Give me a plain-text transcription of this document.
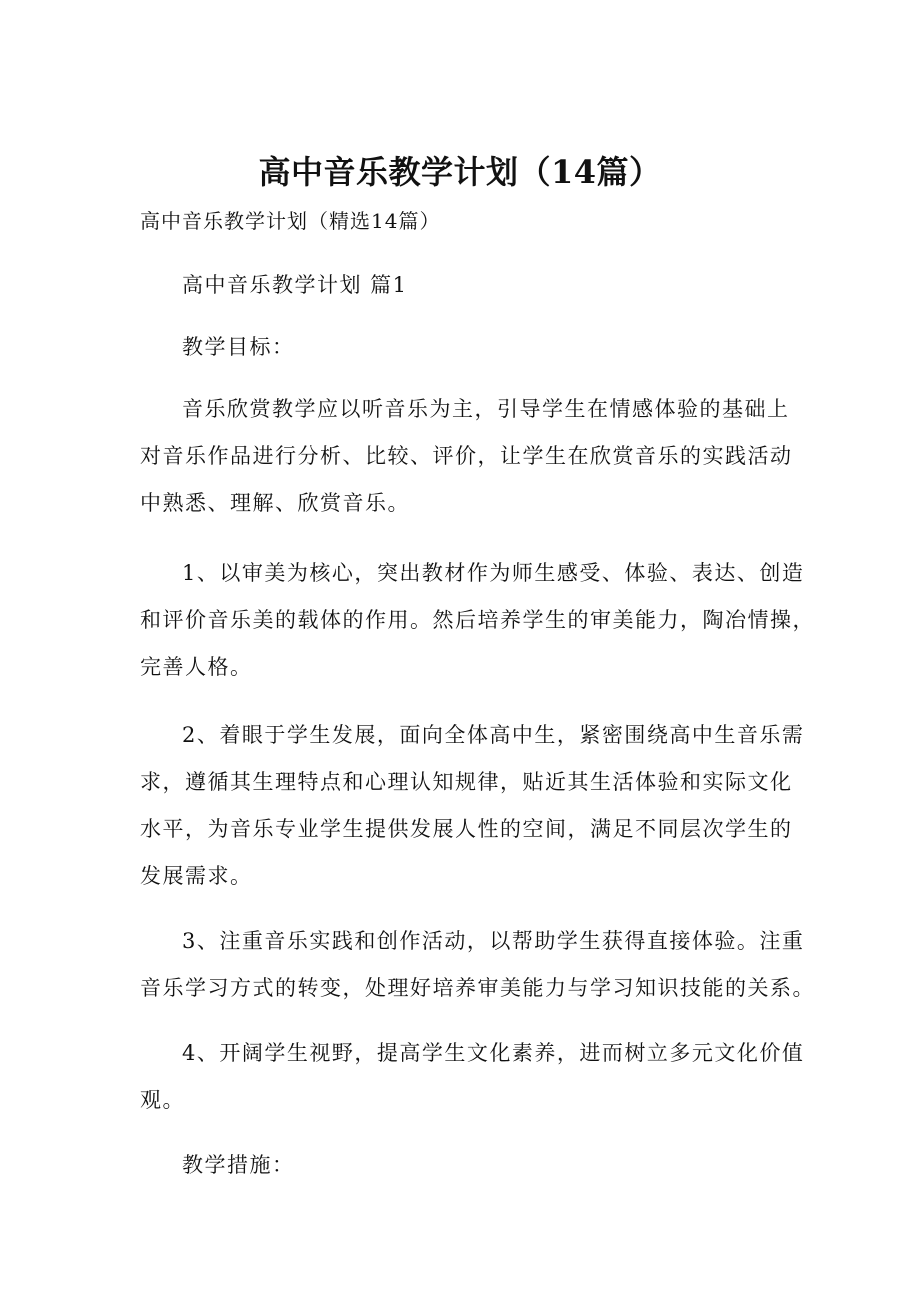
高中音乐教学计划（14篇）
高中音乐教学计划（精选14篇）
高中音乐教学计划 篇1
教学目标：
音乐欣赏教学应以听音乐为主，引导学生在情感体验的基础上
对音乐作品进行分析、比较、评价，让学生在欣赏音乐的实践活动
中熟悉、理解、欣赏音乐。
1、以审美为核心，突出教材作为师生感受、体验、表达、创造
和评价音乐美的载体的作用。然后培养学生的审美能力，陶冶情操，
完善人格。
2、着眼于学生发展，面向全体高中生，紧密围绕高中生音乐需
求，遵循其生理特点和心理认知规律，贴近其生活体验和实际文化
水平，为音乐专业学生提供发展人性的空间，满足不同层次学生的
发展需求。
3、注重音乐实践和创作活动，以帮助学生获得直接体验。注重
音乐学习方式的转变，处理好培养审美能力与学习知识技能的关系。
4、开阔学生视野，提高学生文化素养，进而树立多元文化价值
观。
教学措施：
